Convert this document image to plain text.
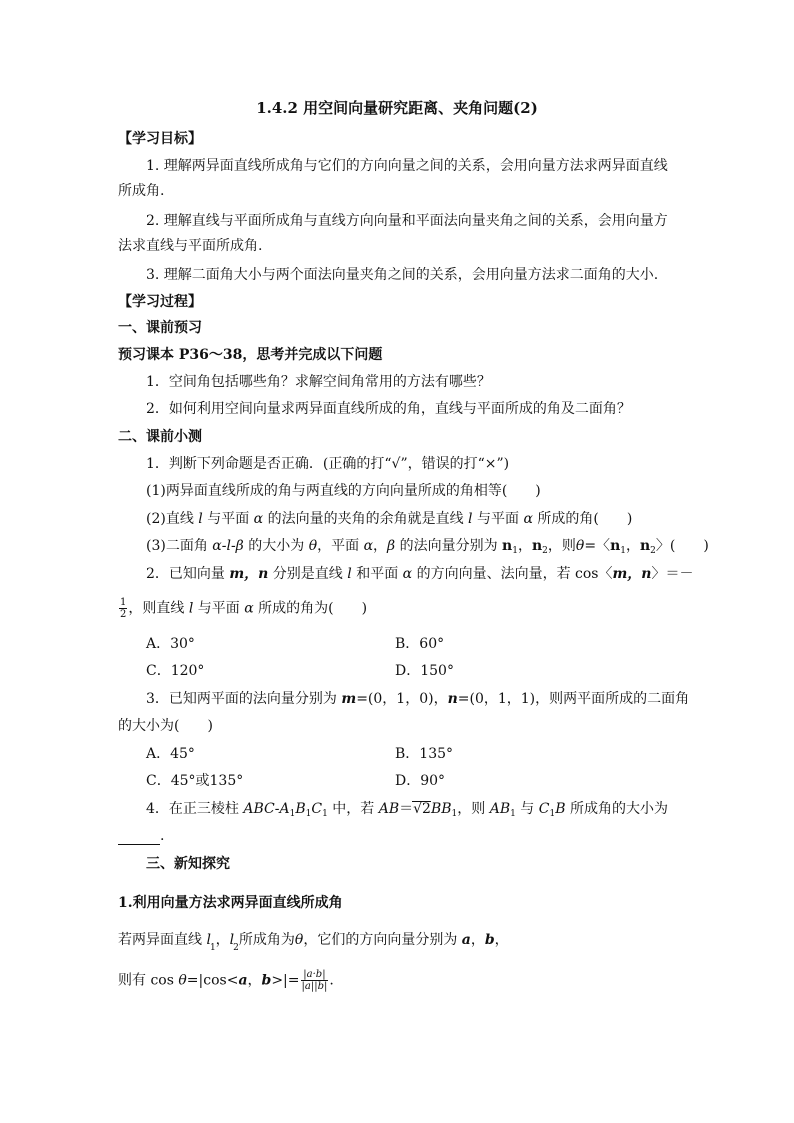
1.4.2 用空间向量研究距离、夹角问题(2)
【学习目标】
1. 理解两异面直线所成角与它们的方向向量之间的关系，会用向量方法求两异面直线
所成角.
2. 理解直线与平面所成角与直线方向向量和平面法向量夹角之间的关系，会用向量方
法求直线与平面所成角.
3. 理解二面角大小与两个面法向量夹角之间的关系，会用向量方法求二面角的大小.
【学习过程】
一、课前预习
预习课本 P36～38，思考并完成以下问题
1．空间角包括哪些角？求解空间角常用的方法有哪些？
2．如何利用空间向量求两异面直线所成的角，直线与平面所成的角及二面角？
二、课前小测
1．判断下列命题是否正确．(正确的打“√”，错误的打“×”)
(1)两异面直线所成的角与两直线的方向向量所成的角相等(　　)
(2)直线 l 与平面 α 的法向量的夹角的余角就是直线 l 与平面 α 所成的角(　　)
(3)二面角 α-l-β 的大小为 θ，平面 α，β 的法向量分别为 $n_1$，$n_2$，则θ=〈$n_1$，$n_2$〉(　　)
2．已知向量 m，n 分别是直线 l 和平面 α 的方向向量、法向量，若 cos〈m，n〉＝－
$\frac{1}{2}$ ，则直线 l 与平面 α 所成的角为(　　)
A．30°	B．60°
C．120°	D．150°
3．已知两平面的法向量分别为 m=(0，1，0)，n=(0，1，1)，则两平面所成的二面角
的大小为(　　)
A．45°	B．135°
C．45°或135°	D．90°
4．在正三棱柱 ABC-$A_1B_1C_1$ 中，若 $AB=√2BB_1$，则 $AB_1$ 与 $C_1B$ 所成角的大小为
.
三、新知探究
1.利用向量方法求两异面直线所成角
若两异面直线 $l_1$，$l_2$所成角为θ，它们的方向向量分别为 a，b，
则有 cos θ=|cos<a，$b>|= \frac{|a\cdot b|}{|a||b|}$ .
